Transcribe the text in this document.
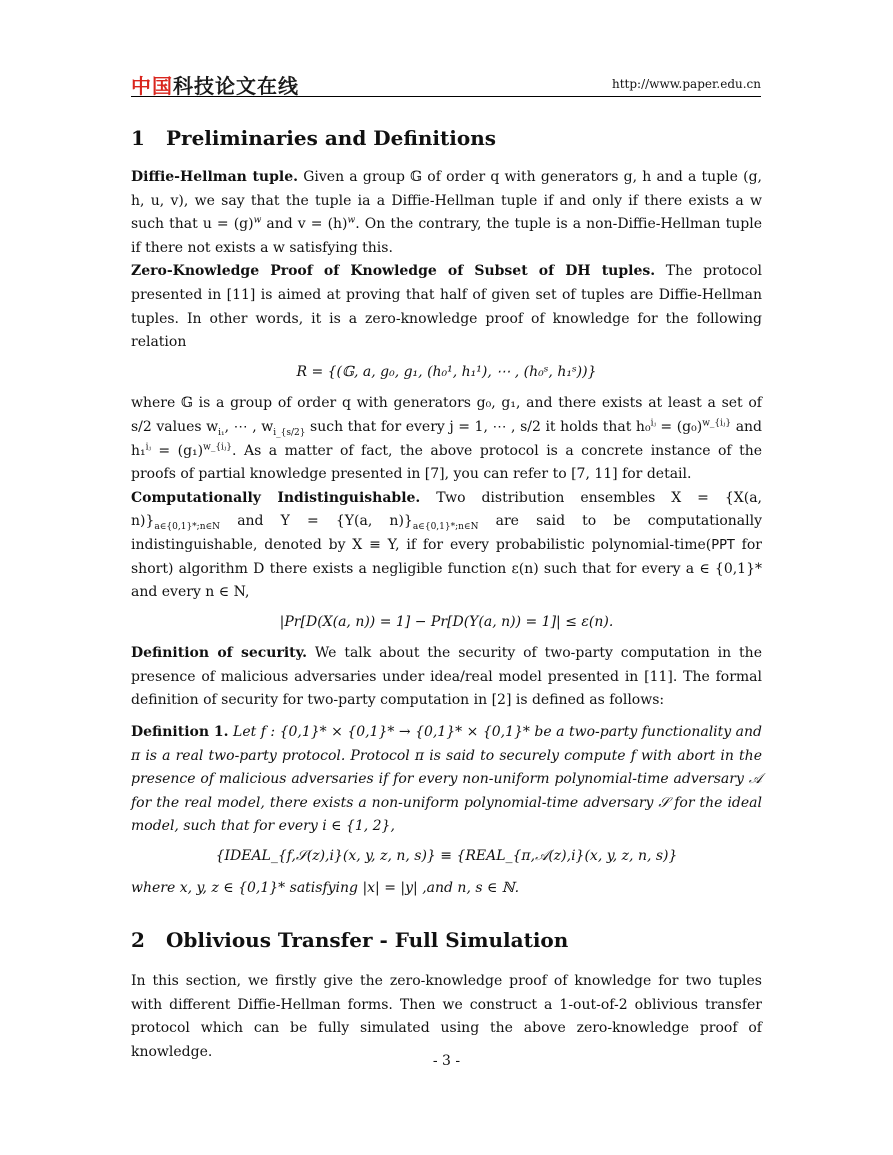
中国科技论文在线	http://www.paper.edu.cn
1 Preliminaries and Definitions

Diffie-Hellman tuple. Given a group 𝔾 of order q with generators g, h and a tuple (g, h, u, v), we say that the tuple ia a Diffie-Hellman tuple if and only if there exists a w such that $u = (g)^w$ and $v = (h)^w$. On the contrary, the tuple is a non-Diffie-Hellman tuple if there not exists a w satisfying this.

Zero-Knowledge Proof of Knowledge of Subset of DH tuples. The protocol presented in [11] is aimed at proving that half of given set of tuples are Diffie-Hellman tuples. In other words, it is a zero-knowledge proof of knowledge for the following relation

R = {(𝔾, a, g₀, g₁, (h₀¹, h₁¹), ⋯ , (h₀ˢ, h₁ˢ))}

where 𝔾 is a group of order q with generators g₀, g₁, and there exists at least a set of s/2 values $w_{i_1}$, ⋯ , $w_{i\_\{s/2\}}$ such that for every j = 1, ⋯ , s/2 it holds that $h_0^{iⱼ} = (g_0)^{w\_\{iⱼ\}}$ and $h_1^{iⱼ} = (g_1)^{w\_\{iⱼ\}}$. As a matter of fact, the above protocol is a concrete instance of the proofs of partial knowledge presented in [7], you can refer to [7, 11] for detail.

Computationally Indistinguishable. Two distribution ensembles X = {X(a, $n)\}_{a\in\{0,1\}*;n\in N}$ and Y = {Y(a, $n)\}_{a\in\{0,1\}*;n\in N}$ are said to be computationally indistinguishable, denoted by X ≡ Y, if for every probabilistic polynomial-time(PPT for short) algorithm D there exists a negligible function ε(n) such that for every a ∈ {0,1}* and every n ∈ N,

|Pr[D(X(a, n)) = 1] − Pr[D(Y(a, n)) = 1]| ≤ ε(n).

Definition of security. We talk about the security of two-party computation in the presence of malicious adversaries under idea/real model presented in [11]. The formal definition of security for two-party computation in [2] is defined as follows:

Definition 1. Let f : {0,1}* × {0,1}* → {0,1}* × {0,1}* be a two-party functionality and π is a real two-party protocol. Protocol π is said to securely compute f with abort in the presence of malicious adversaries if for every non-uniform polynomial-time adversary 𝒜 for the real model, there exists a non-uniform polynomial-time adversary 𝒮 for the ideal model, such that for every i ∈ {1, 2},

{IDEAL_{f,𝒮(z),i}(x, y, z, n, s)} ≡ {REAL_{π,𝒜(z),i}(x, y, z, n, s)}

where x, y, z ∈ {0,1}* satisfying |x| = |y| ,and n, s ∈ ℕ.

2 Oblivious Transfer - Full Simulation

In this section, we firstly give the zero-knowledge proof of knowledge for two tuples with different Diffie-Hellman forms. Then we construct a 1-out-of-2 oblivious transfer protocol which can be fully simulated using the above zero-knowledge proof of knowledge.

- 3 -
